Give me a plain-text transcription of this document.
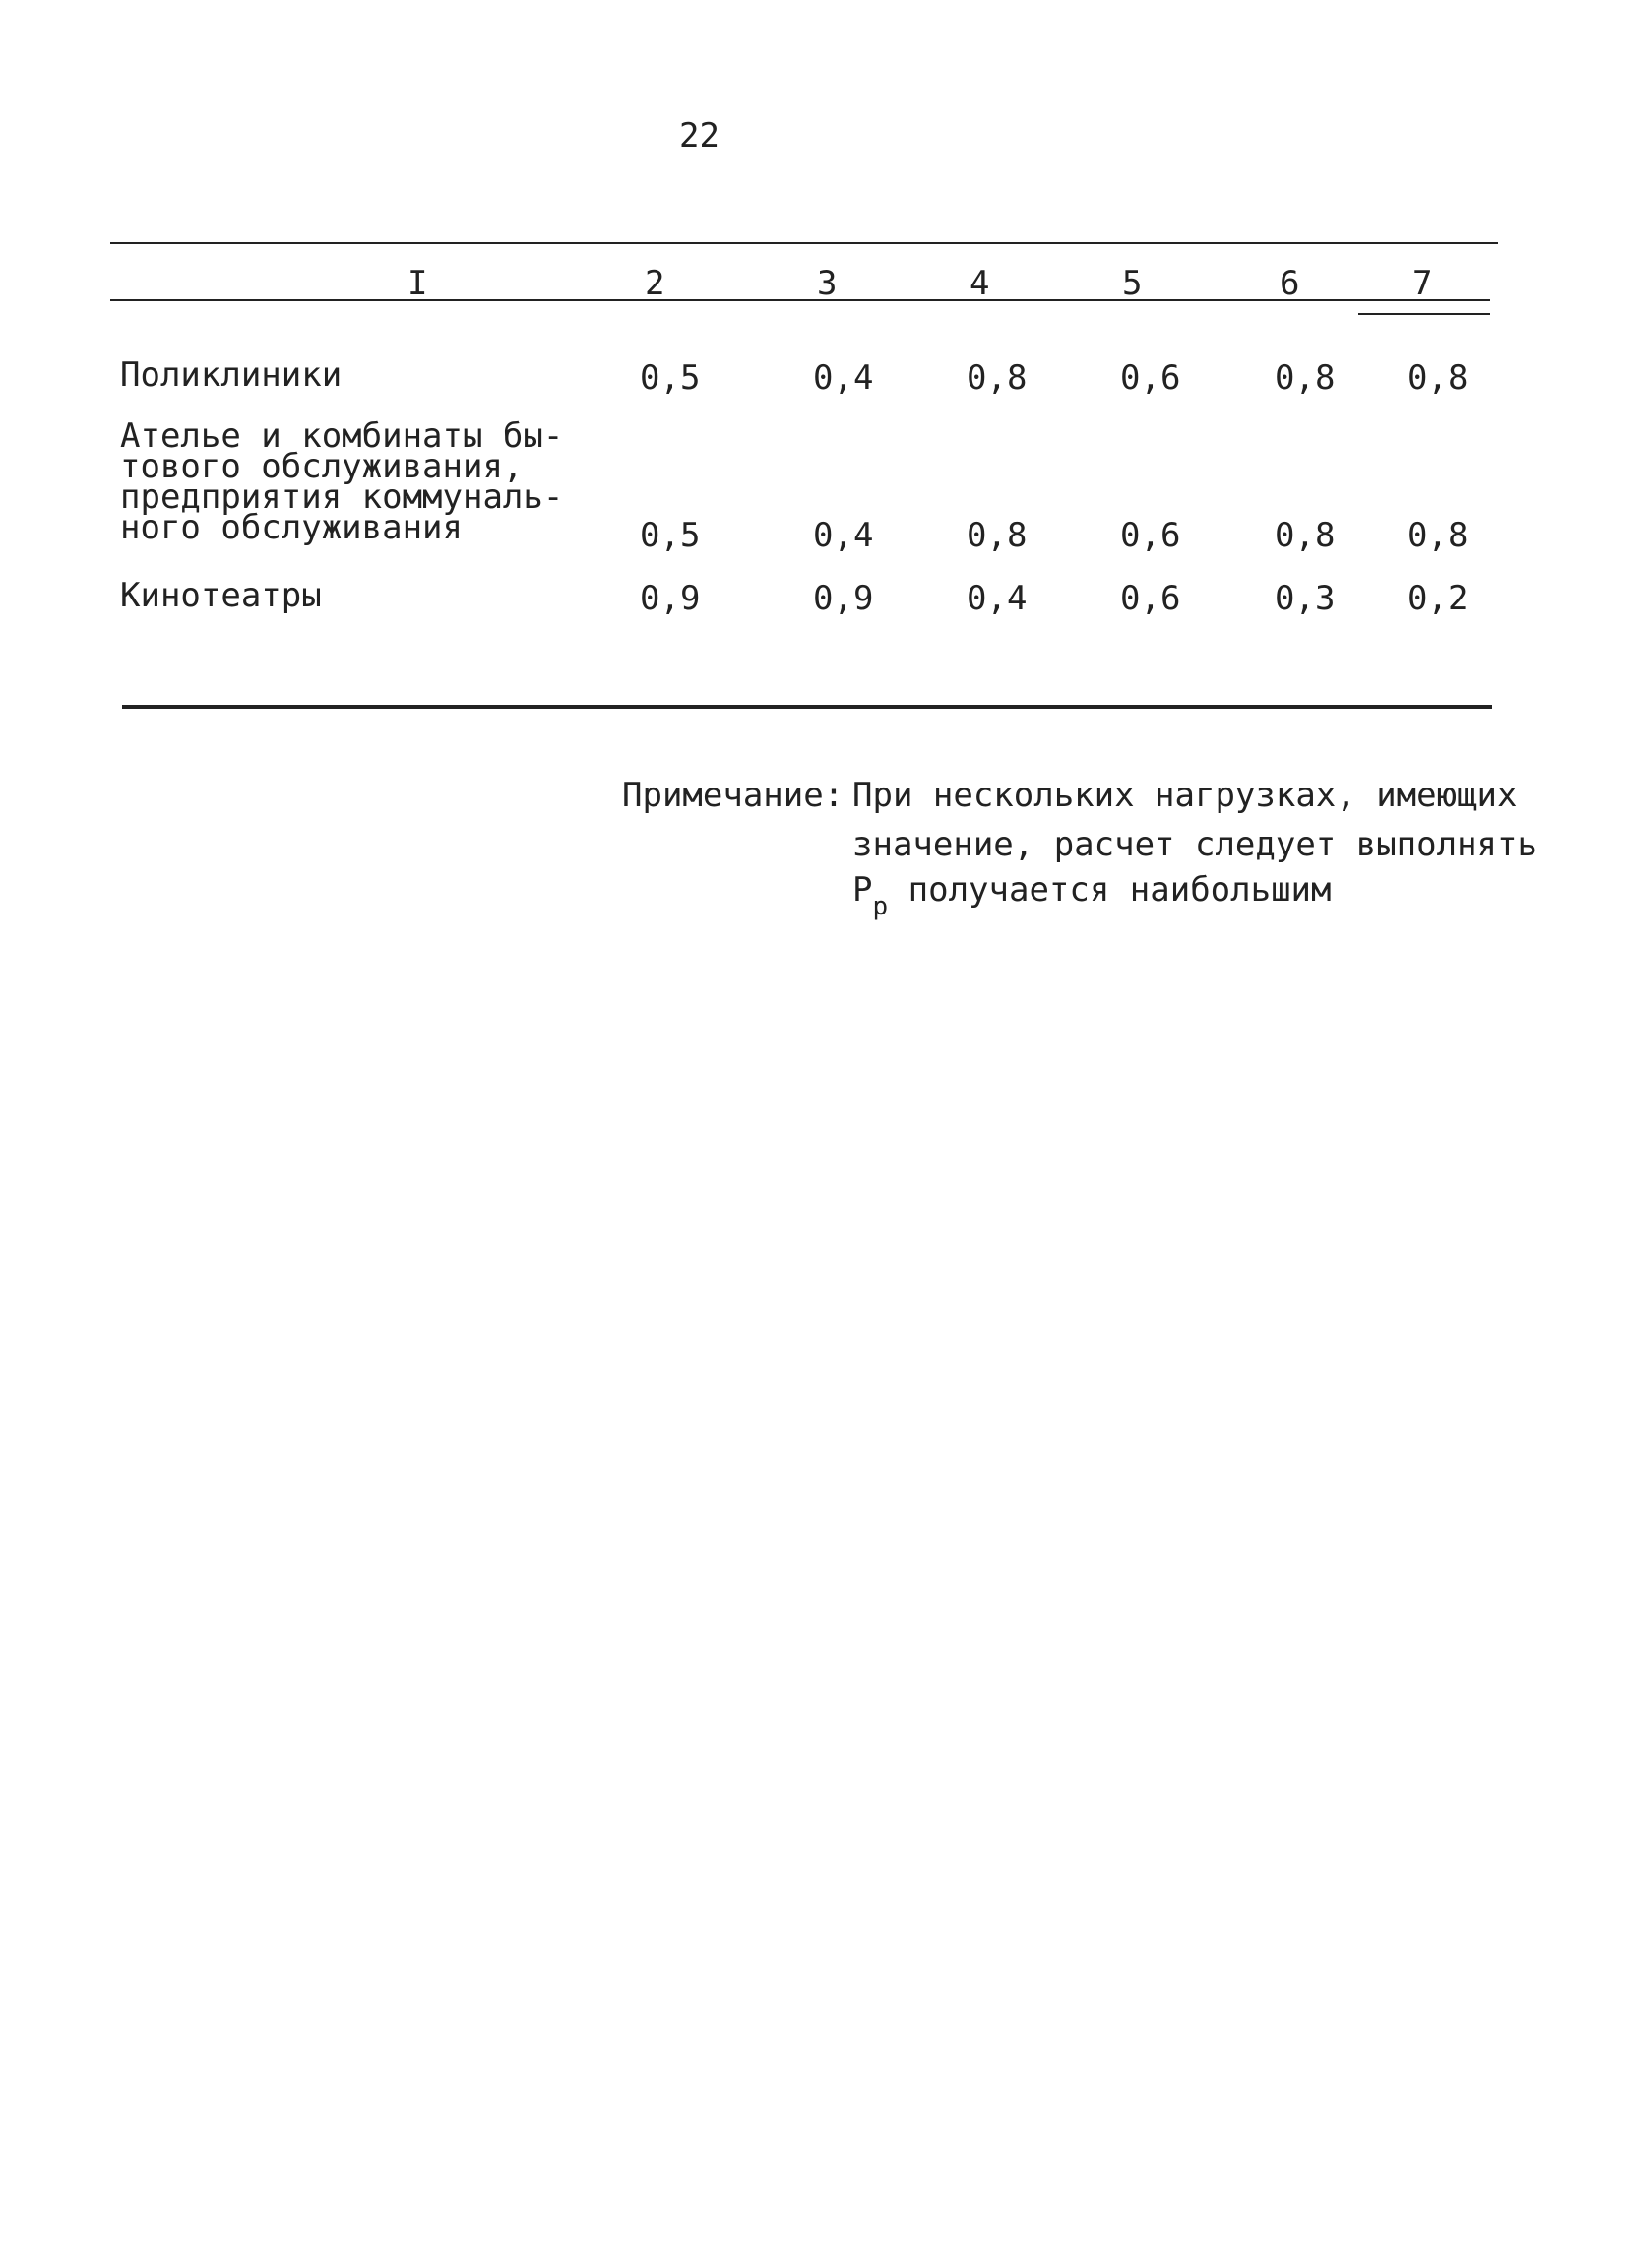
22
I	2	3	4	5	6	7
Поликлиники	0,5	0,4	0,8	0,6	0,8 0,8
Ателье и комбинаты бы-
тового обслуживания,
предприятия коммуналь-
ного обслуживания	0,5	0,4	0,8	0,6	0,8 0,8
Кинотеатры	0,9	0,9	0,4	0,6	0,3 0,2
Примечание: При нескольких нагрузках, имеющих
значение, расчет следует выполнять
$P_p$ получается наибольшим
